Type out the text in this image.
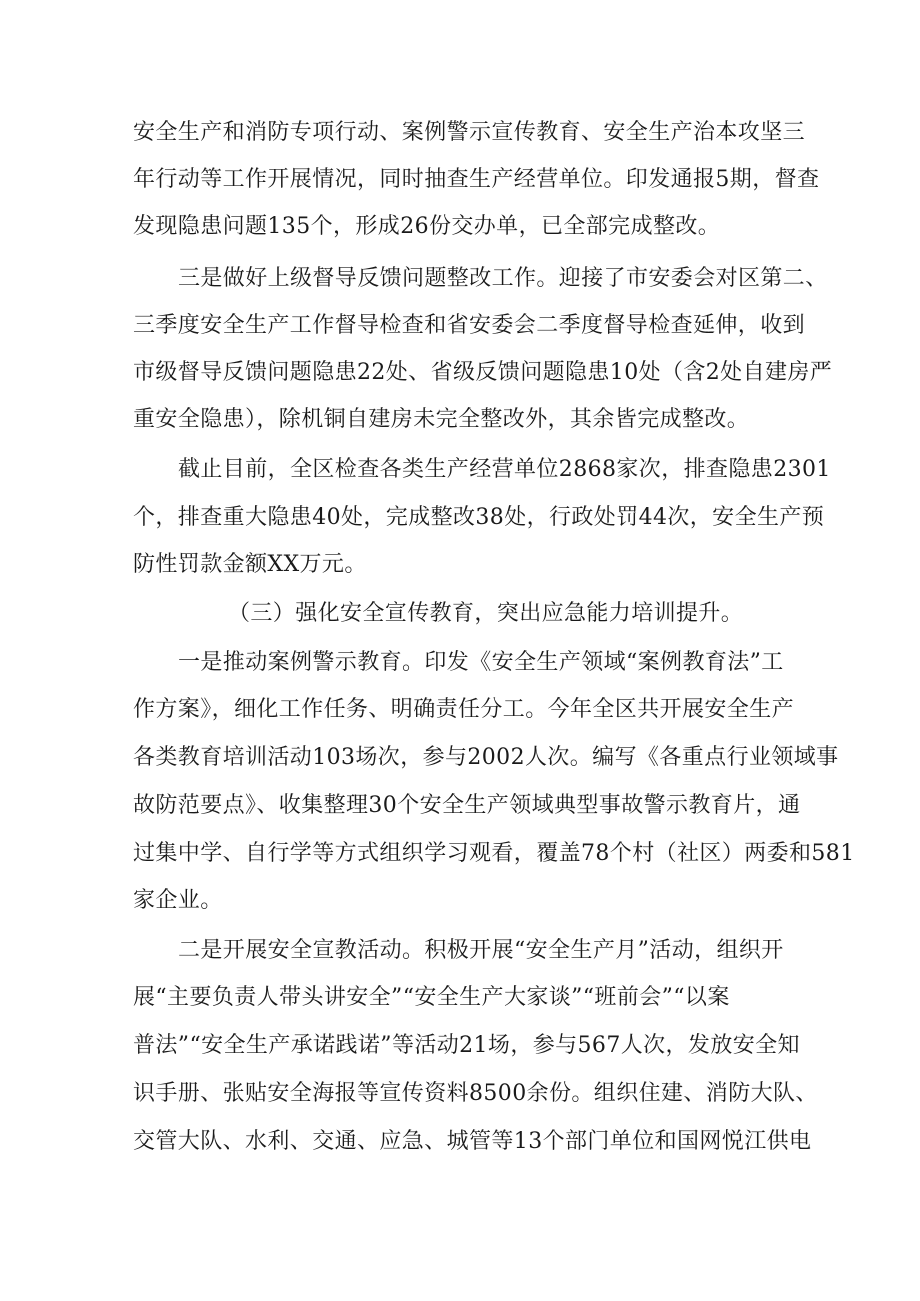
安全生产和消防专项行动、案例警示宣传教育、安全生产治本攻坚三
年行动等工作开展情况，同时抽查生产经营单位。印发通报5期，督查
发现隐患问题135个，形成26份交办单，已全部完成整改。
三是做好上级督导反馈问题整改工作。迎接了市安委会对区第二、
三季度安全生产工作督导检查和省安委会二季度督导检查延伸，收到
市级督导反馈问题隐患22处、省级反馈问题隐患10处（含2处自建房严
重安全隐患），除机铜自建房未完全整改外，其余皆完成整改。
截止目前，全区检查各类生产经营单位2868家次，排查隐患2301
个，排查重大隐患40处，完成整改38处，行政处罚44次，安全生产预
防性罚款金额XX万元。
（三）强化安全宣传教育，突出应急能力培训提升。
一是推动案例警示教育。印发《安全生产领域“案例教育法”工
作方案》，细化工作任务、明确责任分工。今年全区共开展安全生产
各类教育培训活动103场次，参与2002人次。编写《各重点行业领域事
故防范要点》、收集整理30个安全生产领域典型事故警示教育片，通
过集中学、自行学等方式组织学习观看，覆盖78个村（社区）两委和581
家企业。
二是开展安全宣教活动。积极开展“安全生产月”活动，组织开
展“主要负责人带头讲安全”“安全生产大家谈”“班前会”“以案
普法”“安全生产承诺践诺”等活动21场，参与567人次，发放安全知
识手册、张贴安全海报等宣传资料8500余份。组织住建、消防大队、
交管大队、水利、交通、应急、城管等13个部门单位和国网悦江供电
